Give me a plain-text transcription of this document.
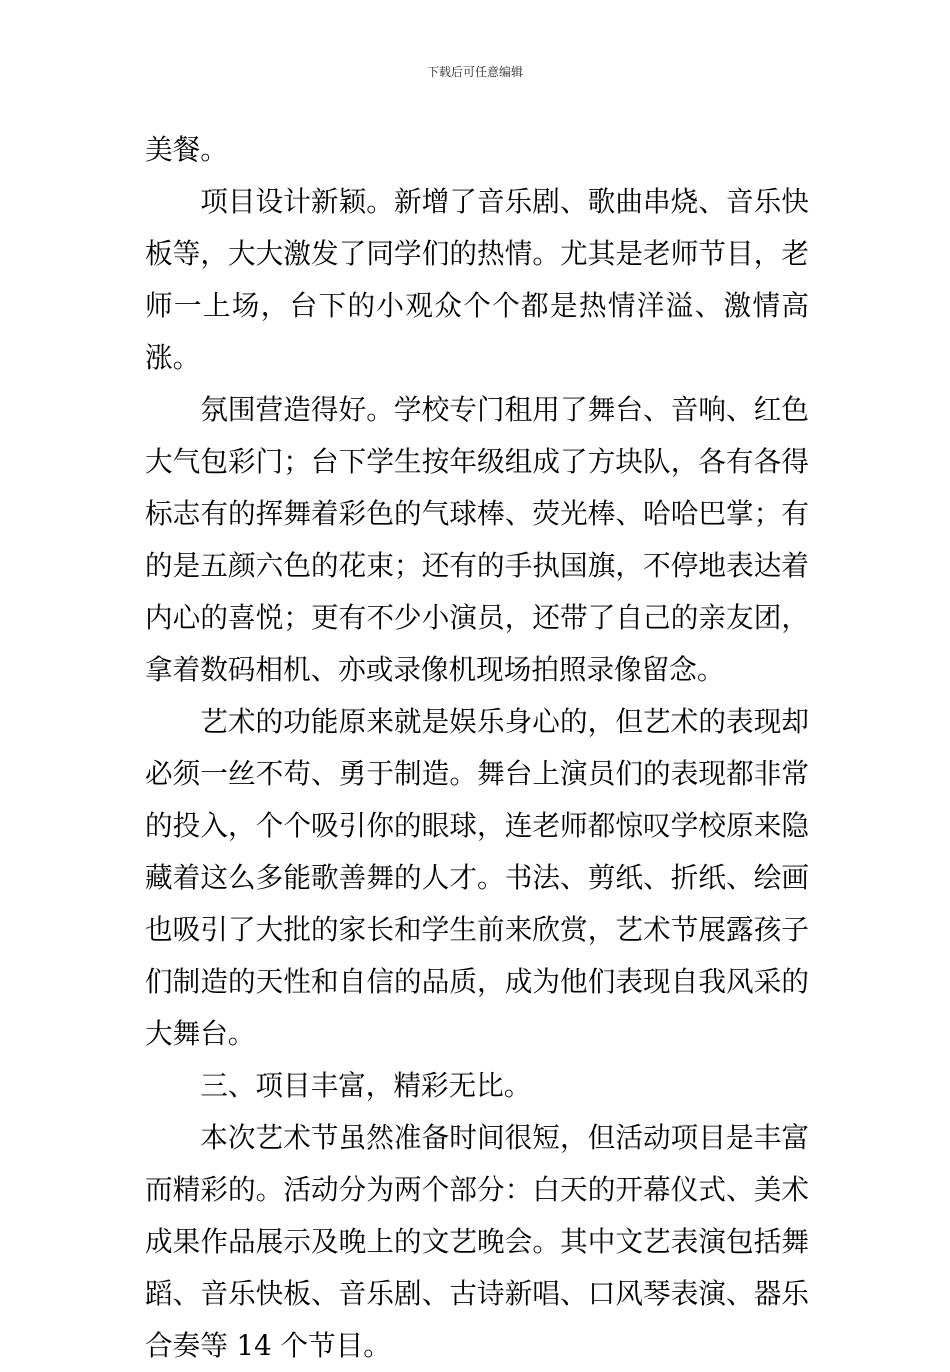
下载后可任意编辑

美餐。

项目设计新颖。新增了音乐剧、歌曲串烧、音乐快板等，大大激发了同学们的热情。尤其是老师节目，老师一上场，台下的小观众个个都是热情洋溢、激情高涨。

氛围营造得好。学校专门租用了舞台、音响、红色大气包彩门；台下学生按年级组成了方块队，各有各得标志有的挥舞着彩色的气球棒、荧光棒、哈哈巴掌；有的是五颜六色的花束；还有的手执国旗，不停地表达着内心的喜悦；更有不少小演员，还带了自己的亲友团，拿着数码相机、亦或录像机现场拍照录像留念。

艺术的功能原来就是娱乐身心的，但艺术的表现却必须一丝不苟、勇于制造。舞台上演员们的表现都非常的投入，个个吸引你的眼球，连老师都惊叹学校原来隐藏着这么多能歌善舞的人才。书法、剪纸、折纸、绘画也吸引了大批的家长和学生前来欣赏，艺术节展露孩子们制造的天性和自信的品质，成为他们表现自我风采的大舞台。

三、项目丰富，精彩无比。

本次艺术节虽然准备时间很短，但活动项目是丰富而精彩的。活动分为两个部分：白天的开幕仪式、美术成果作品展示及晚上的文艺晚会。其中文艺表演包括舞蹈、音乐快板、音乐剧、古诗新唱、口风琴表演、器乐合奏等 14 个节目。
